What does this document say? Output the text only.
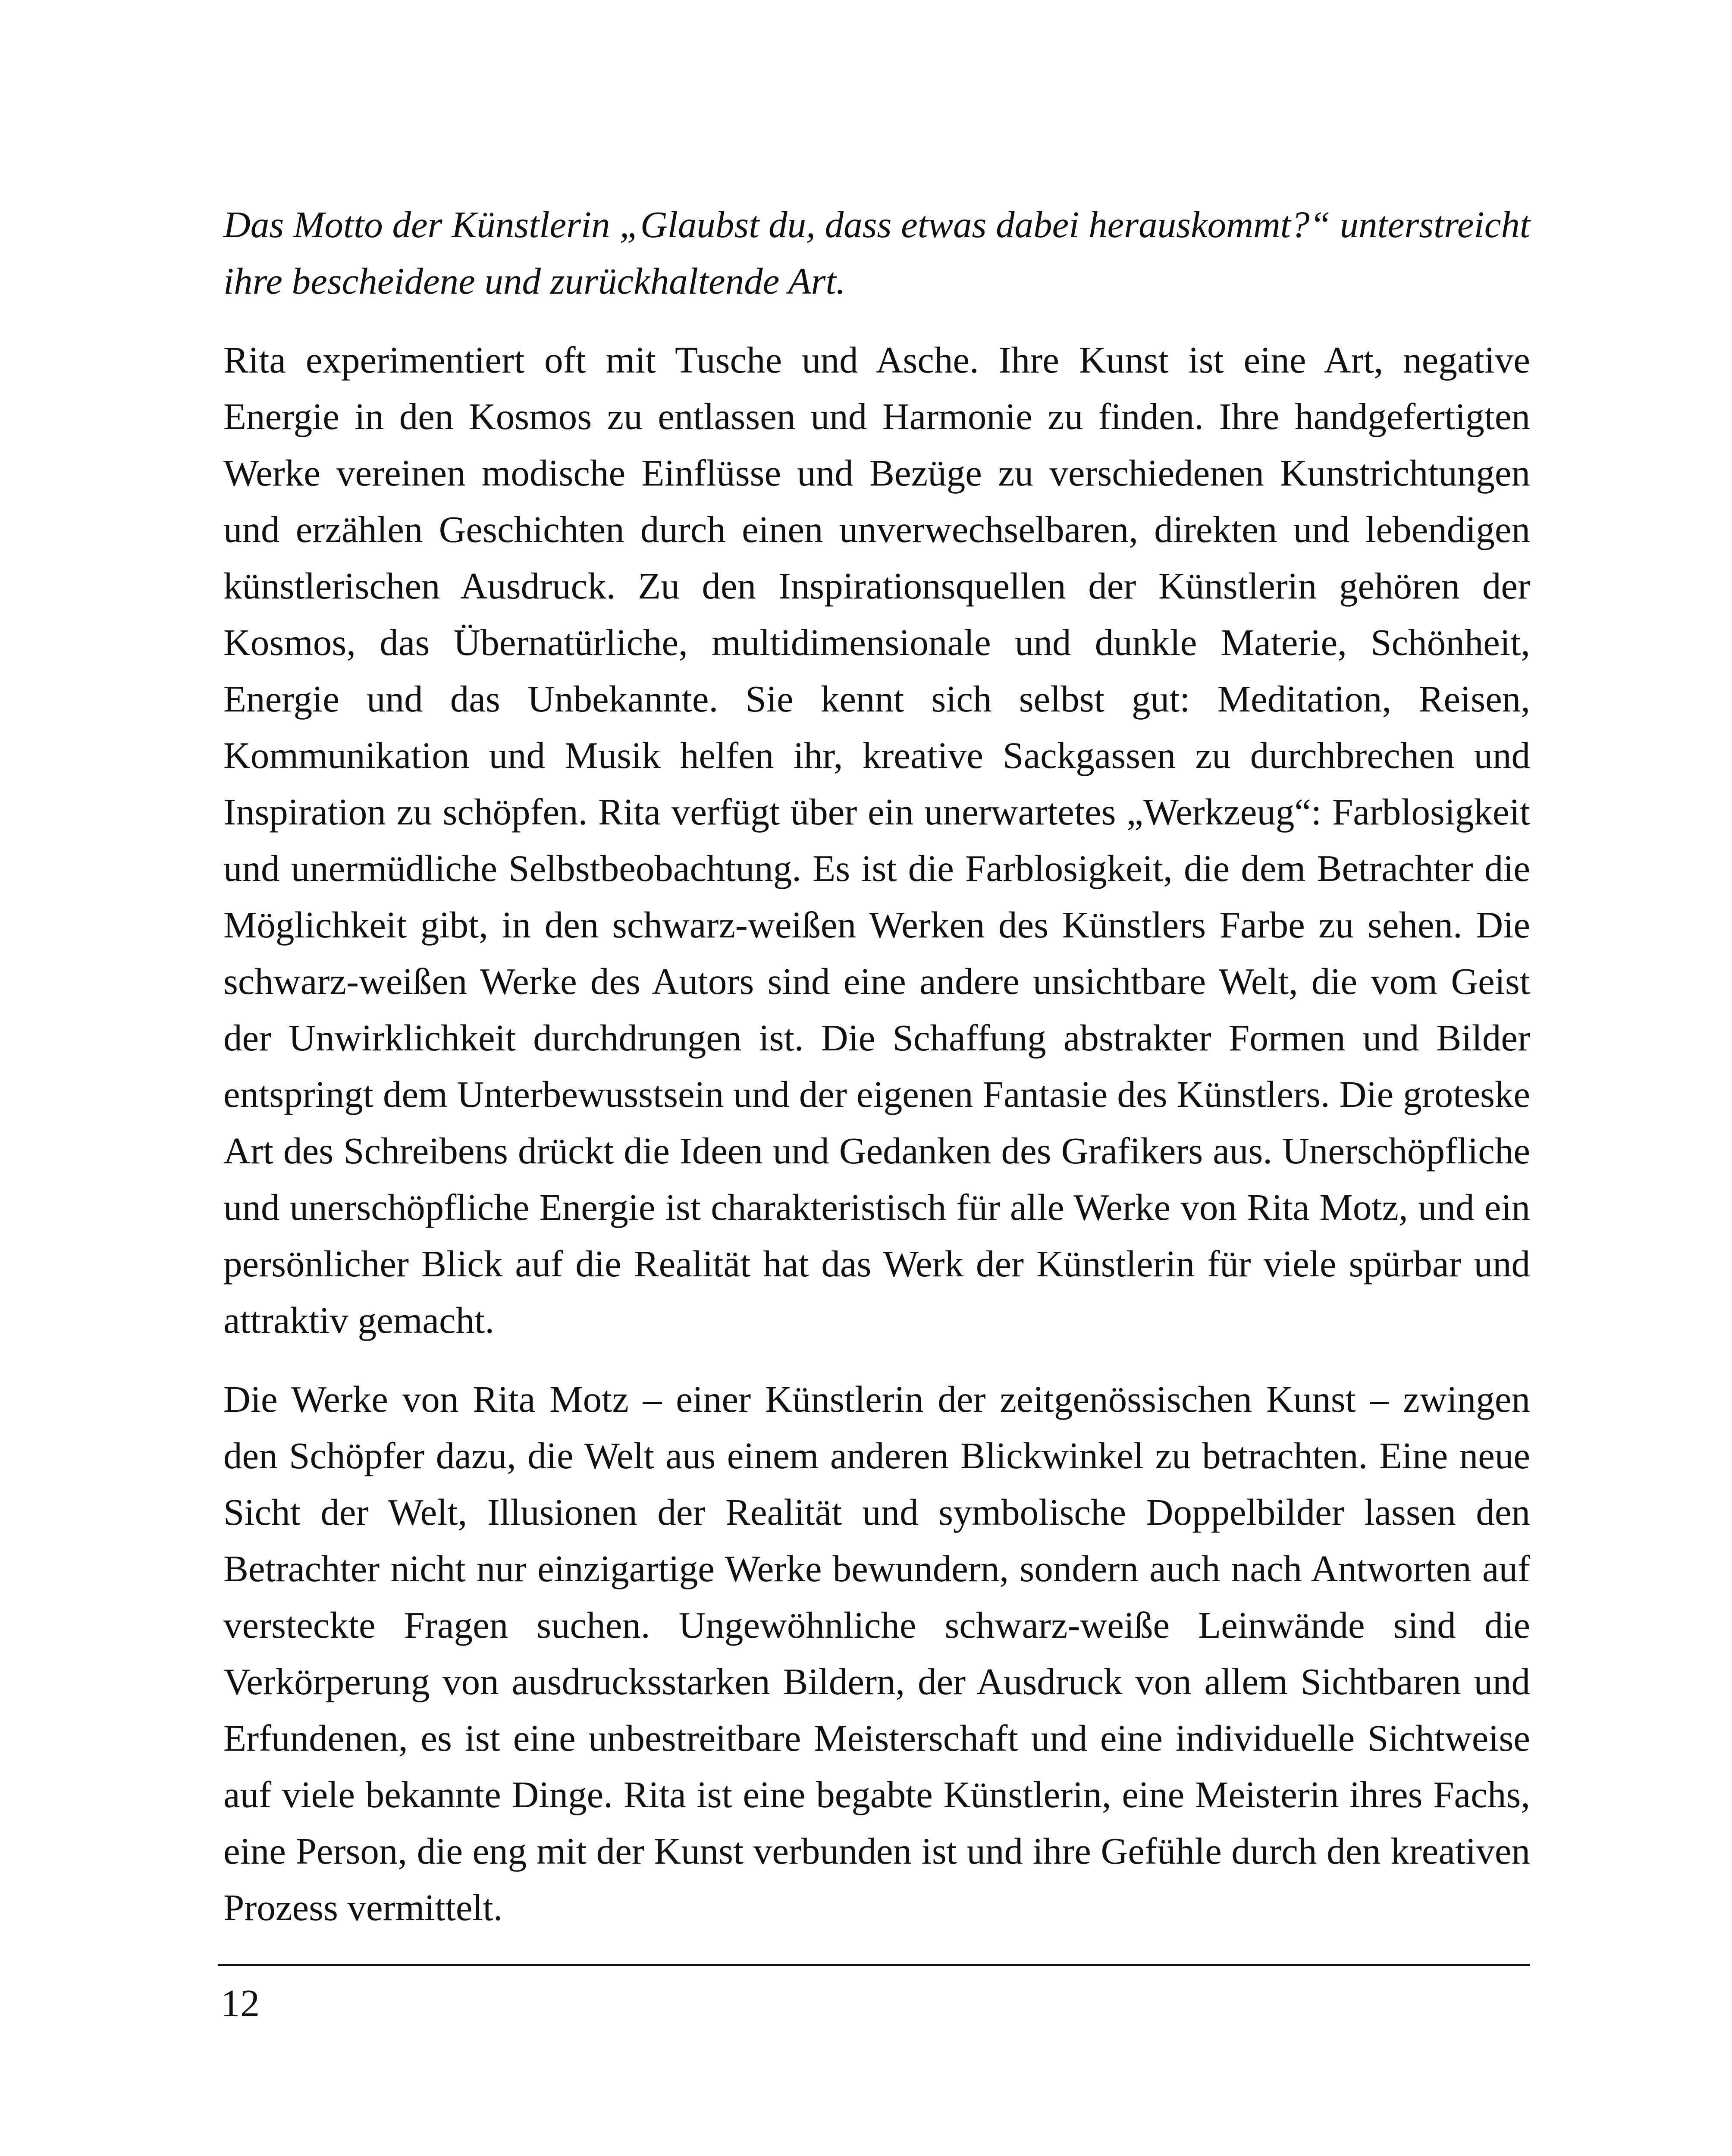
Das Motto der Künstlerin „Glaubst du, dass etwas dabei herauskommt?“ unterstreicht ihre bescheidene und zurückhaltende Art.

Rita experimentiert oft mit Tusche und Asche. Ihre Kunst ist eine Art, negative Energie in den Kosmos zu entlassen und Harmonie zu finden. Ihre handgefertigten Werke vereinen modische Einflüsse und Bezüge zu verschiedenen Kunstrichtungen und erzählen Geschichten durch einen unverwechselbaren, direkten und lebendigen künstlerischen Ausdruck. Zu den Inspirationsquellen der Künstlerin gehören der Kosmos, das Übernatürliche, multidimensionale und dunkle Materie, Schönheit, Energie und das Unbekannte. Sie kennt sich selbst gut: Meditation, Reisen, Kommunikation und Musik helfen ihr, kreative Sackgassen zu durchbrechen und Inspiration zu schöpfen. Rita verfügt über ein unerwartetes „Werkzeug“: Farblosigkeit und unermüdliche Selbstbeobachtung. Es ist die Farblosigkeit, die dem Betrachter die Möglichkeit gibt, in den schwarz-weißen Werken des Künstlers Farbe zu sehen. Die schwarz-weißen Werke des Autors sind eine andere unsichtbare Welt, die vom Geist der Unwirklichkeit durchdrungen ist. Die Schaffung abstrakter Formen und Bilder entspringt dem Unterbewusstsein und der eigenen Fantasie des Künstlers. Die groteske Art des Schreibens drückt die Ideen und Gedanken des Grafikers aus. Unerschöpfliche und unerschöpfliche Energie ist charakteristisch für alle Werke von Rita Motz, und ein persönlicher Blick auf die Realität hat das Werk der Künstlerin für viele spürbar und attraktiv gemacht.

Die Werke von Rita Motz – einer Künstlerin der zeitgenössischen Kunst – zwingen den Schöpfer dazu, die Welt aus einem anderen Blickwinkel zu betrachten. Eine neue Sicht der Welt, Illusionen der Realität und symbolische Doppelbilder lassen den Betrachter nicht nur einzigartige Werke bewundern, sondern auch nach Antworten auf versteckte Fragen suchen. Ungewöhnliche schwarz-weiße Leinwände sind die Verkörperung von ausdrucksstarken Bildern, der Ausdruck von allem Sichtbaren und Erfundenen, es ist eine unbestreitbare Meisterschaft und eine individuelle Sichtweise auf viele bekannte Dinge. Rita ist eine begabte Künstlerin, eine Meisterin ihres Fachs, eine Person, die eng mit der Kunst verbunden ist und ihre Gefühle durch den kreativen Prozess vermittelt.

12
